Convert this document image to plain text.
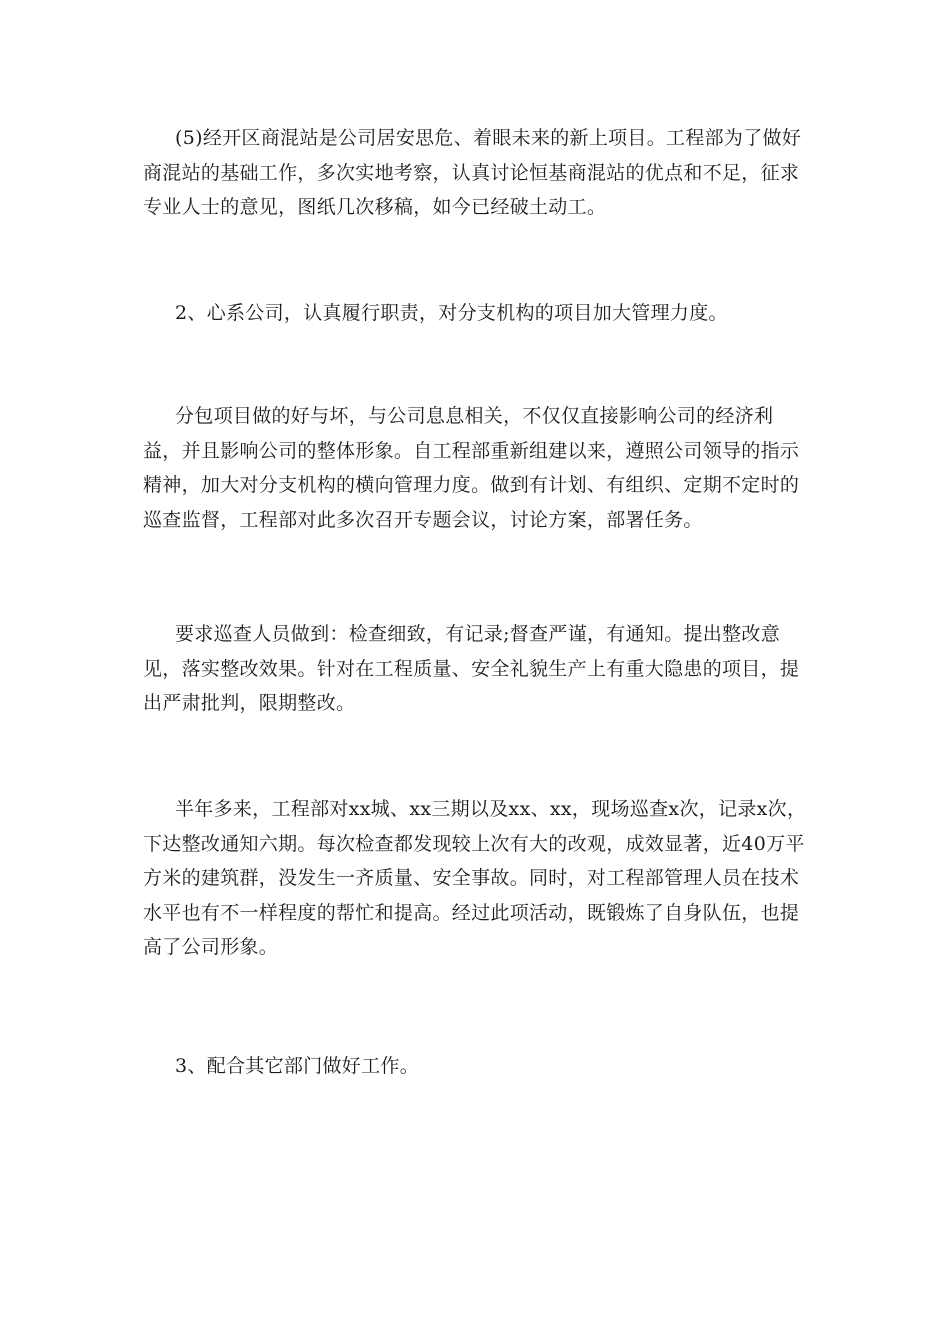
(5)经开区商混站是公司居安思危、着眼未来的新上项目。工程部为了做好商混站的基础工作，多次实地考察，认真讨论恒基商混站的优点和不足，征求专业人士的意见，图纸几次移稿，如今已经破土动工。

2、心系公司，认真履行职责，对分支机构的项目加大管理力度。

分包项目做的好与坏，与公司息息相关，不仅仅直接影响公司的经济利益，并且影响公司的整体形象。自工程部重新组建以来，遵照公司领导的指示精神，加大对分支机构的横向管理力度。做到有计划、有组织、定期不定时的巡查监督，工程部对此多次召开专题会议，讨论方案，部署任务。

要求巡查人员做到：检查细致，有记录;督查严谨，有通知。提出整改意见，落实整改效果。针对在工程质量、安全礼貌生产上有重大隐患的项目，提出严肃批判，限期整改。

半年多来，工程部对xx城、xx三期以及xx、xx，现场巡查x次，记录x次，下达整改通知六期。每次检查都发现较上次有大的改观，成效显著，近40万平方米的建筑群，没发生一齐质量、安全事故。同时，对工程部管理人员在技术水平也有不一样程度的帮忙和提高。经过此项活动，既锻炼了自身队伍，也提高了公司形象。

3、配合其它部门做好工作。
